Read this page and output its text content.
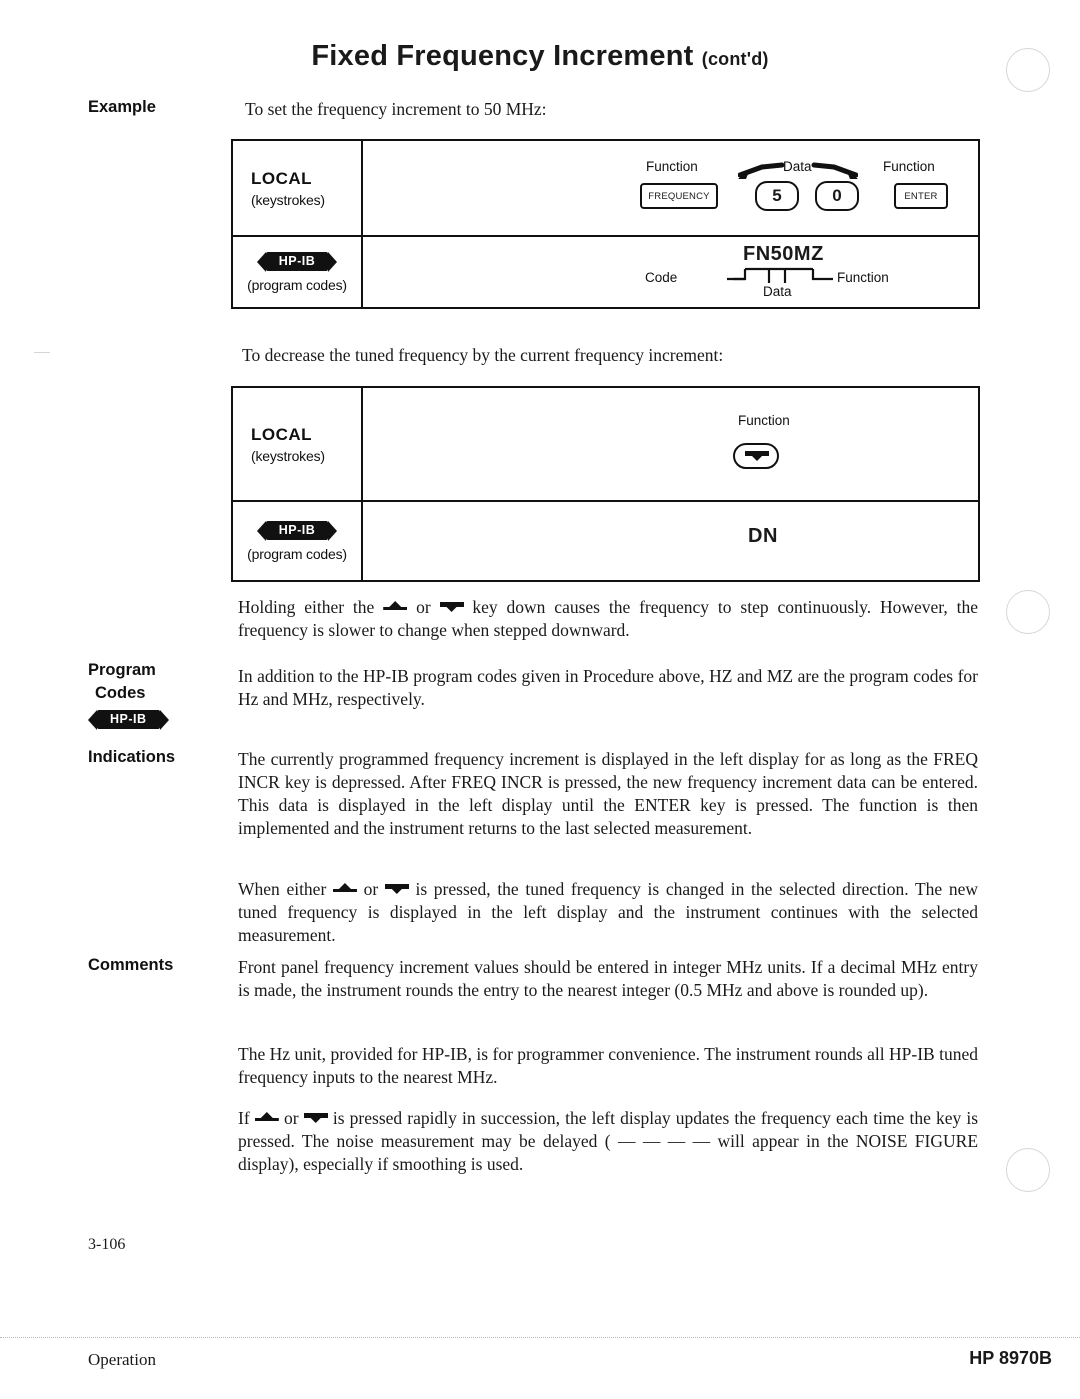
Fixed Frequency Increment (cont'd)
Example	To set the frequency increment to 50 MHz:
LOCAL
(keystrokes)
Function	Data	Function
FREQUENCY	5	0	ENTER
HP-IB
(program codes)
FN50MZ
Code	Function
Data
To decrease the tuned frequency by the current frequency increment:
LOCAL
(keystrokes)
Function
HP-IB
(program codes)
DN
Holding either the or key down causes the frequency to step continuously. However, the frequency is slower to change when stepped downward.
Program
Codes
HP-IB
In addition to the HP-IB program codes given in Procedure above, HZ and MZ are the program codes for Hz and MHz, respectively.
Indications	The currently programmed frequency increment is displayed in the left display for as long as the FREQ INCR key is depressed. After FREQ INCR is pressed, the new frequency increment data can be entered. This data is displayed in the left display until the ENTER key is pressed. The function is then implemented and the instrument returns to the last selected measurement.
When either or is pressed, the tuned frequency is changed in the selected direction. The new tuned frequency is displayed in the left display and the instrument continues with the selected measurement.
Comments	Front panel frequency increment values should be entered in integer MHz units. If a decimal MHz entry is made, the instrument rounds the entry to the nearest integer (0.5 MHz and above is rounded up).
The Hz unit, provided for HP-IB, is for programmer convenience. The instrument rounds all HP-IB tuned frequency inputs to the nearest MHz.
If or is pressed rapidly in succession, the left display updates the frequency each time the key is pressed. The noise measurement may be delayed ( — — — — will appear in the NOISE FIGURE display), especially if smoothing is used.
3-106
Operation	HP 8970B
